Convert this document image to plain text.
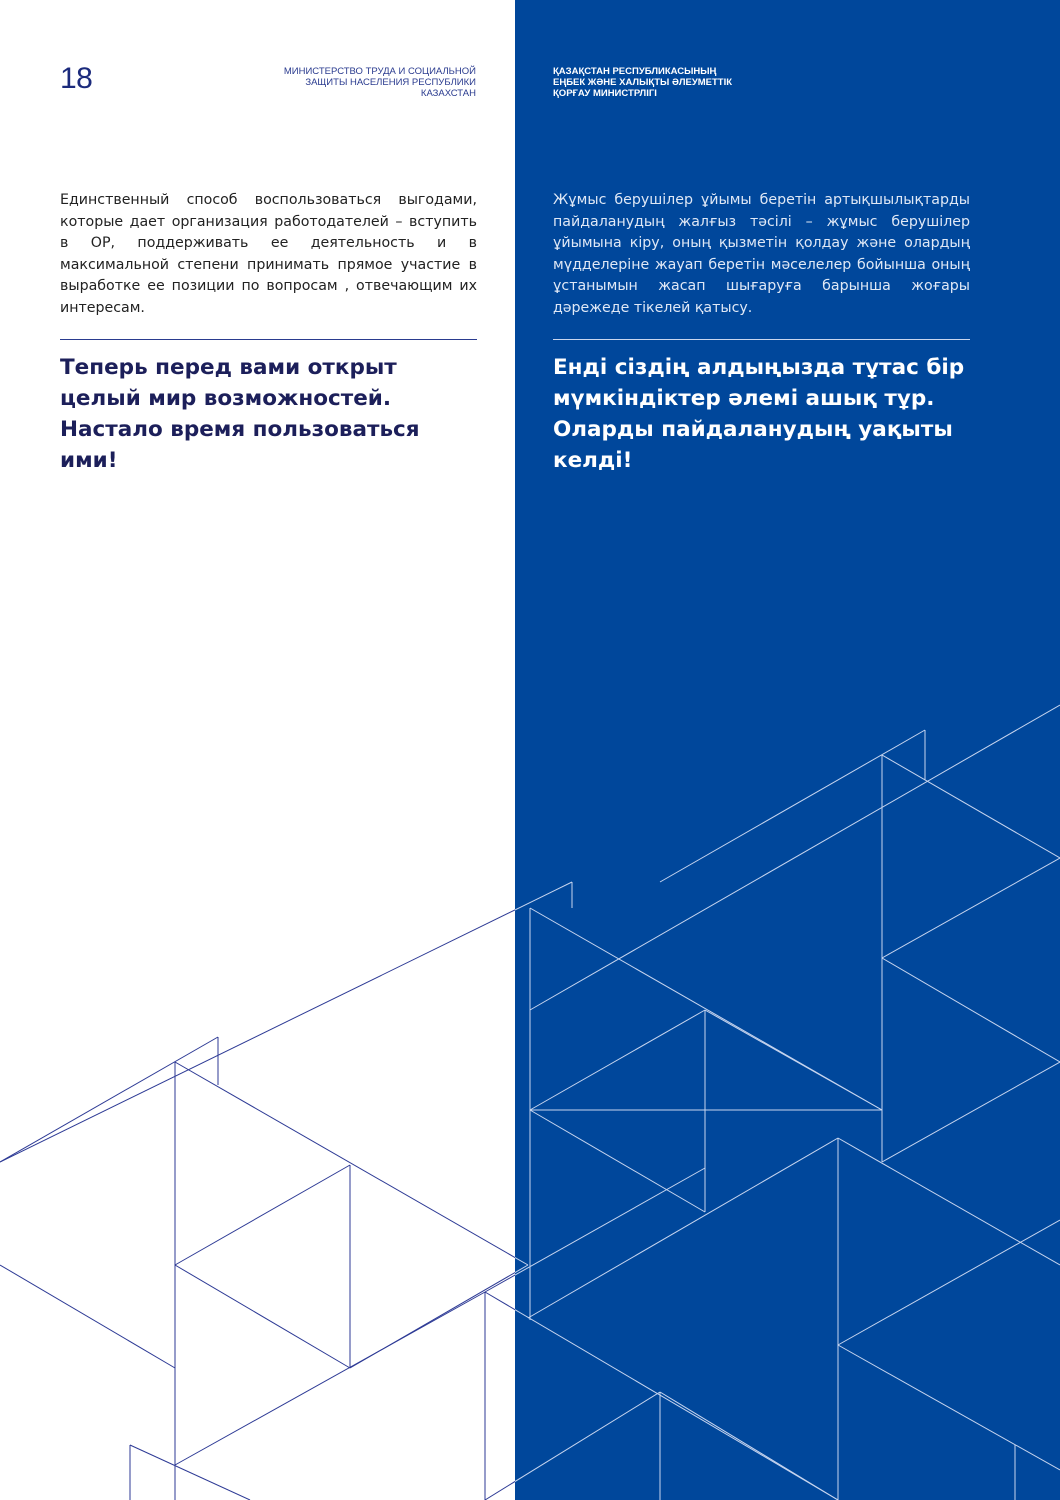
18	МИНИСТЕРСТВО ТРУДА И СОЦИАЛЬНОЙ
ЗАЩИТЫ НАСЕЛЕНИЯ РЕСПУБЛИКИ
КАЗАХСТАН
ҚАЗАҚСТАН РЕСПУБЛИКАСЫНЫҢ
ЕҢБЕК ЖӘНЕ ХАЛЫҚТЫ ӘЛЕУМЕТТІК
ҚОРҒАУ МИНИСТРЛІГІ

Единственный способ воспользоваться выгодами, которые дает организация работодателей – вступить в ОР, поддерживать ее деятельность и в максимальной степени принимать прямое участие в выработке ее позиции по вопросам , отвечающим их интересам.

Жұмыс берушілер ұйымы беретін артықшылықтарды пайдаланудың жалғыз тәсілі – жұмыс берушілер ұйымына кіру, оның қызметін қолдау және олардың мүдделеріне жауап беретін мәселелер бойынша оның ұстанымын жасап шығаруға барынша жоғары дәрежеде тікелей қатысу.

Теперь перед вами открыт целый мир возможностей. Настало время пользоваться ими!
Енді сіздің алдыңызда тұтас бір мүмкіндіктер әлемі ашық тұр. Оларды пайдаланудың уақыты келді!
